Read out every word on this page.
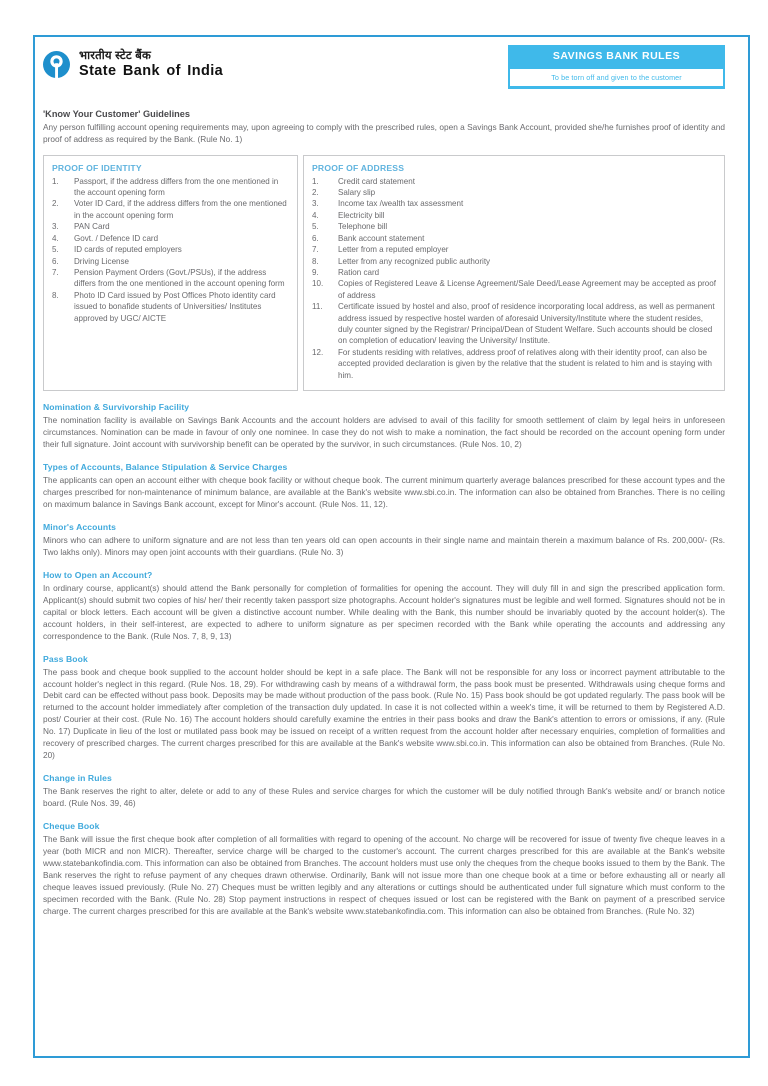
भारतीय स्टेट बैंक
State Bank of India
SAVINGS BANK RULES
To be torn off and given to the customer
'Know Your Customer' Guidelines
Any person fulfilling account opening requirements may, upon agreeing to comply with the prescribed rules, open a Savings Bank Account, provided she/he furnishes proof of identity and proof of address as required by the Bank. (Rule No. 1)
PROOF OF IDENTITY
1.	Passport, if the address differs from the one mentioned in the account opening form
2.	Voter ID Card, if the address differs from the one mentioned in the account opening form
3.	PAN Card
4.	Govt. / Defence ID card
5.	ID cards of reputed employers
6.	Driving License
7.	Pension Payment Orders (Govt./PSUs), if the address differs from the one mentioned in the account opening form
8.	Photo ID Card issued by Post Offices Photo identity card issued to bonafide students of Universities/ Institutes approved by UGC/ AICTE
PROOF OF ADDRESS
1.	Credit card statement
2.	Salary slip
3.	Income tax /wealth tax assessment
4.	Electricity bill
5.	Telephone bill
6.	Bank account statement
7.	Letter from a reputed employer
8.	Letter from any recognized public authority
9.	Ration card
10.	Copies of Registered Leave & License Agreement/Sale Deed/Lease Agreement may be accepted as proof of address
11.	Certificate issued by hostel and also, proof of residence incorporating local address, as well as permanent address issued by respective hostel warden of aforesaid University/Institute where the student resides, duly counter signed by the Registrar/ Principal/Dean of Student Welfare. Such accounts should be closed on completion of education/ leaving the University/ Institute.
12.	For students residing with relatives, address proof of relatives along with their identity proof, can also be accepted provided declaration is given by the relative that the student is related to him and is staying with him.
Nomination & Survivorship Facility
The nomination facility is available on Savings Bank Accounts and the account holders are advised to avail of this facility for smooth settlement of claim by legal heirs in unforeseen circumstances. Nomination can be made in favour of only one nominee. In case they do not wish to make a nomination, the fact should be recorded on the account opening form under their full signature. Joint account with survivorship benefit can be operated by the survivor, in such circumstances. (Rule Nos. 10, 2)
Types of Accounts, Balance Stipulation & Service Charges
The applicants can open an account either with cheque book facility or without cheque book. The current minimum quarterly average balances prescribed for these account types and the charges prescribed for non-maintenance of minimum balance, are available at the Bank's website www.sbi.co.in. The information can also be obtained from Branches. There is no ceiling on maximum balance in Savings Bank account, except for Minor's account. (Rule Nos. 11, 12).
Minor's Accounts
Minors who can adhere to uniform signature and are not less than ten years old can open accounts in their single name and maintain therein a maximum balance of Rs. 200,000/- (Rs. Two lakhs only). Minors may open joint accounts with their guardians. (Rule No. 3)
How to Open an Account?
In ordinary course, applicant(s) should attend the Bank personally for completion of formalities for opening the account. They will duly fill in and sign the prescribed application form. Applicant(s) should submit two copies of his/ her/ their recently taken passport size photographs. Account holder's signatures must be legible and well formed. Signatures should not be in capital or block letters. Each account will be given a distinctive account number. While dealing with the Bank, this number should be invariably quoted by the account holder(s). The account holders, in their self-interest, are expected to adhere to uniform signature as per specimen recorded with the Bank while operating the accounts and addressing any correspondence to the Bank. (Rule Nos. 7, 8, 9, 13)
Pass Book
The pass book and cheque book supplied to the account holder should be kept in a safe place. The Bank will not be responsible for any loss or incorrect payment attributable to the account holder's neglect in this regard. (Rule Nos. 18, 29). For withdrawing cash by means of a withdrawal form, the pass book must be presented. Withdrawals using cheque forms and Debit card can be effected without pass book. Deposits may be made without production of the pass book. (Rule No. 15) Pass book should be got updated regularly. The pass book will be returned to the account holder immediately after completion of the transaction duly updated. In case it is not collected within a week's time, it will be returned to them by Registered A.D. post/ Courier at their cost. (Rule No. 16) The account holders should carefully examine the entries in their pass books and draw the Bank's attention to errors or omissions, if any. (Rule No. 17) Duplicate in lieu of the lost or mutilated pass book may be issued on receipt of a written request from the account holder after necessary enquiries, completion of formalities and recovery of prescribed charges. The current charges prescribed for this are available at the Bank's website www.sbi.co.in. This information can also be obtained from Branches. (Rule No. 20)
Change in Rules
The Bank reserves the right to alter, delete or add to any of these Rules and service charges for which the customer will be duly notified through Bank's website and/ or branch notice board. (Rule Nos. 39, 46)
Cheque Book
The Bank will issue the first cheque book after completion of all formalities with regard to opening of the account. No charge will be recovered for issue of twenty five cheque leaves in a year (both MICR and non MICR). Thereafter, service charge will be charged to the customer's account. The current charges prescribed for this are available at the Bank's website www.statebankofindia.com. This information can also be obtained from Branches. The account holders must use only the cheques from the cheque books issued to them by the Bank. The Bank reserves the right to refuse payment of any cheques drawn otherwise. Ordinarily, Bank will not issue more than one cheque book at a time or before exhausting all or nearly all cheque leaves issued previously. (Rule No. 27) Cheques must be written legibly and any alterations or cuttings should be authenticated under full signature which must conform to the specimen recorded with the Bank. (Rule No. 28) Stop payment instructions in respect of cheques issued or lost can be registered with the Bank on payment of a prescribed service charge. The current charges prescribed for this are available at the Bank's website www.statebankofindia.com. This information can also be obtained from Branches. (Rule No. 32)
